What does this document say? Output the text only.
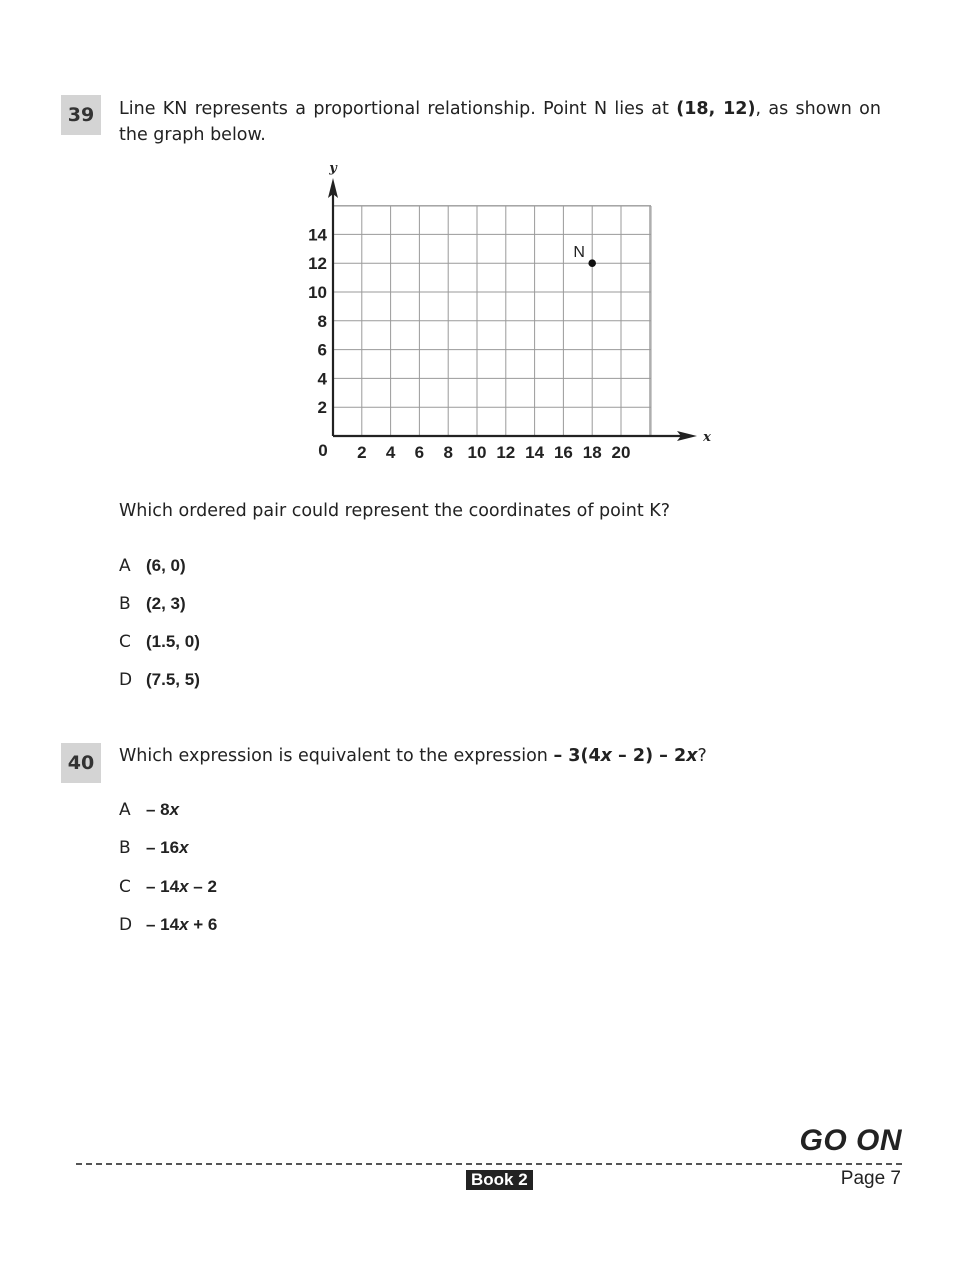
39	Line KN represents a proportional relationship. Point N lies at (18, 12), as shown on the graph below.
x
y
2 4 6 8 10 12 14 16 18 20
2
4
6
8
10
12
14
0
N
Which ordered pair could represent the coordinates of point K?
A (6, 0)
B (2, 3)
C (1.5, 0)
D (7.5, 5)
40	Which expression is equivalent to the expression – 3(4x – 2) – 2x?
A – 8x
B – 16x
C – 14x – 2
D – 14x + 6
GO ON
Book 2	Page 7
